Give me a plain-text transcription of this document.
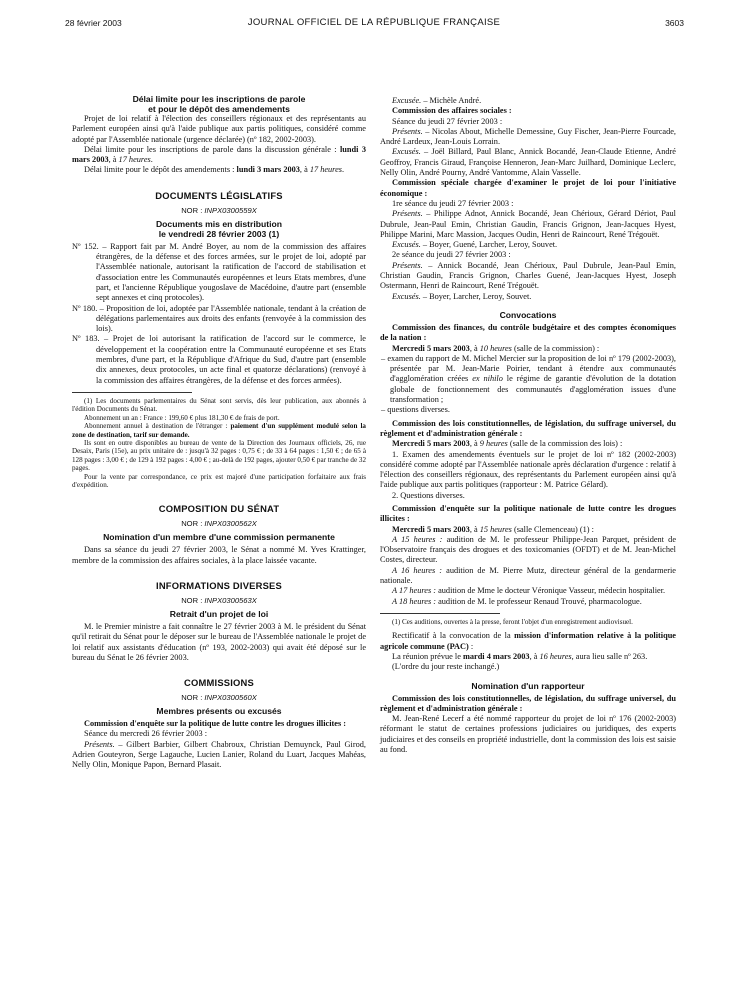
28 février 2003	JOURNAL OFFICIEL DE LA RÉPUBLIQUE FRANÇAISE	3603
Délai limite pour les inscriptions de parole
et pour le dépôt des amendements

Projet de loi relatif à l'élection des conseillers régionaux et des représentants au Parlement européen ainsi qu'à l'aide publique aux partis politiques, considéré comme adopté par l'Assemblée nationale (urgence déclarée) (nº 182, 2002-2003).

Délai limite pour les inscriptions de parole dans la discussion générale : lundi 3 mars 2003, à 17 heures.

Délai limite pour le dépôt des amendements : lundi 3 mars 2003, à 17 heures.

DOCUMENTS LÉGISLATIFS
NOR : INPX0300559X
Documents mis en distribution
le vendredi 28 février 2003 (1)

Nº 152. – Rapport fait par M. André Boyer, au nom de la commission des affaires étrangères, de la défense et des forces armées, sur le projet de loi, adopté par l'Assemblée nationale, autorisant la ratification de l'accord de stabilisation et d'association entre les Communautés européennes et leurs Etats membres, d'une part, et l'ancienne République yougoslave de Macédoine, d'autre part (ensemble sept annexes et cinq protocoles).

Nº 180. – Proposition de loi, adoptée par l'Assemblée nationale, tendant à la création de délégations parlementaires aux droits des enfants (renvoyée à la commission des lois).

Nº 183. – Projet de loi autorisant la ratification de l'accord sur le commerce, le développement et la coopération entre la Communauté européenne et ses Etats membres, d'une part, et la République d'Afrique du Sud, d'autre part (ensemble dix annexes, deux protocoles, un acte final et quatorze déclarations) (renvoyé à la commission des affaires étrangères, de la défense et des forces armées).

(1) Les documents parlementaires du Sénat sont servis, dès leur publication, aux abonnés à l'édition Documents du Sénat.

Abonnement un an : France : 199,60 € plus 181,30 € de frais de port.

Abonnement annuel à destination de l'étranger : paiement d'un supplément modulé selon la zone de destination, tarif sur demande.

Ils sont en outre disponibles au bureau de vente de la Direction des Journaux officiels, 26, rue Desaix, Paris (15e), au prix unitaire de : jusqu'à 32 pages : 0,75 € ; de 33 à 64 pages : 1,50 € ; de 65 à 128 pages : 3,00 € ; de 129 à 192 pages : 4,00 € ; au-delà de 192 pages, ajouter 0,50 € par tranche de 32 pages.

Pour la vente par correspondance, ce prix est majoré d'une participation forfaitaire aux frais d'expédition.

COMPOSITION DU SÉNAT
NOR : INPX0300562X
Nomination d'un membre d'une commission permanente

Dans sa séance du jeudi 27 février 2003, le Sénat a nommé M. Yves Krattinger, membre de la commission des affaires sociales, à la place laissée vacante.

INFORMATIONS DIVERSES
NOR : INPX0300563X
Retrait d'un projet de loi

M. le Premier ministre a fait connaître le 27 février 2003 à M. le président du Sénat qu'il retirait du Sénat pour le déposer sur le bureau de l'Assemblée nationale le projet de loi relatif aux assistants d'éducation (nº 193, 2002-2003) qui avait été déposé sur le bureau du Sénat le 26 février 2003.

COMMISSIONS
NOR : INPX0300560X
Membres présents ou excusés

Commission d'enquête sur la politique de lutte contre les drogues illicites :

Séance du mercredi 26 février 2003 :

Présents. – Gilbert Barbier, Gilbert Chabroux, Christian Demuynck, Paul Girod, Adrien Gouteyron, Serge Lagauche, Lucien Lanier, Roland du Luart, Jacques Mahéas, Nelly Olin, Monique Papon, Bernard Plasait.

Excusée. – Michèle André.

Commission des affaires sociales :

Séance du jeudi 27 février 2003 :

Présents. – Nicolas About, Michelle Demessine, Guy Fischer, Jean-Pierre Fourcade, André Lardeux, Jean-Louis Lorrain.

Excusés. – Joël Billard, Paul Blanc, Annick Bocandé, Jean-Claude Etienne, André Geoffroy, Francis Giraud, Françoise Henneron, Jean-Marc Juilhard, Dominique Leclerc, Nelly Olin, André Pourny, André Vantomme, Alain Vasselle.

Commission spéciale chargée d'examiner le projet de loi pour l'initiative économique :

1re séance du jeudi 27 février 2003 :

Présents. – Philippe Adnot, Annick Bocandé, Jean Chérioux, Gérard Dériot, Paul Dubrule, Jean-Paul Emin, Christian Gaudin, Francis Grignon, Jean-Jacques Hyest, Philippe Marini, Marc Massion, Jacques Oudin, Henri de Raincourt, René Trégouët.

Excusés. – Boyer, Guené, Larcher, Leroy, Souvet.

2e séance du jeudi 27 février 2003 :

Présents. – Annick Bocandé, Jean Chérioux, Paul Dubrule, Jean-Paul Emin, Christian Gaudin, Francis Grignon, Charles Guené, Jean-Jacques Hyest, Joseph Ostermann, Henri de Raincourt, René Trégouët.

Excusés. – Boyer, Larcher, Leroy, Souvet.

Convocations

Commission des finances, du contrôle budgétaire et des comptes économiques de la nation :

Mercredi 5 mars 2003, à 10 heures (salle de la commission) :

– examen du rapport de M. Michel Mercier sur la proposition de loi nº 179 (2002-2003), présentée par M. Jean-Marie Poirier, tendant à étendre aux communautés d'agglomération créées ex nihilo le régime de garantie d'évolution de la dotation globale de fonctionnement des communautés d'agglomération issues d'une transformation ;

– questions diverses.

Commission des lois constitutionnelles, de législation, du suffrage universel, du règlement et d'administration générale :

Mercredi 5 mars 2003, à 9 heures (salle de la commission des lois) :

1. Examen des amendements éventuels sur le projet de loi nº 182 (2002-2003) considéré comme adopté par l'Assemblée nationale après déclaration d'urgence : relatif à l'élection des conseillers régionaux, des représentants du Parlement européen ainsi qu'à l'aide publique aux partis politiques (rapporteur : M. Patrice Gélard).

2. Questions diverses.

Commission d'enquête sur la politique nationale de lutte contre les drogues illicites :

Mercredi 5 mars 2003, à 15 heures (salle Clemenceau) (1) :

A 15 heures : audition de M. le professeur Philippe-Jean Parquet, président de l'Observatoire français des drogues et des toxicomanies (OFDT) et de M. Jean-Michel Costes, directeur.

A 16 heures : audition de M. Pierre Mutz, directeur général de la gendarmerie nationale.

A 17 heures : audition de Mme le docteur Véronique Vasseur, médecin hospitalier.

A 18 heures : audition de M. le professeur Renaud Trouvé, pharmacologue.

(1) Ces auditions, ouvertes à la presse, feront l'objet d'un enregistrement audiovisuel.

Rectificatif à la convocation de la mission d'information relative à la politique agricole commune (PAC) :

La réunion prévue le mardi 4 mars 2003, à 16 heures, aura lieu salle nº 263.

(L'ordre du jour reste inchangé.)

Nomination d'un rapporteur

Commission des lois constitutionnelles, de législation, du suffrage universel, du règlement et d'administration générale :

M. Jean-René Lecerf a été nommé rapporteur du projet de loi nº 176 (2002-2003) réformant le statut de certaines professions judiciaires ou juridiques, des experts judiciaires et des conseils en propriété industrielle, dont la commission des lois est saisie au fond.
